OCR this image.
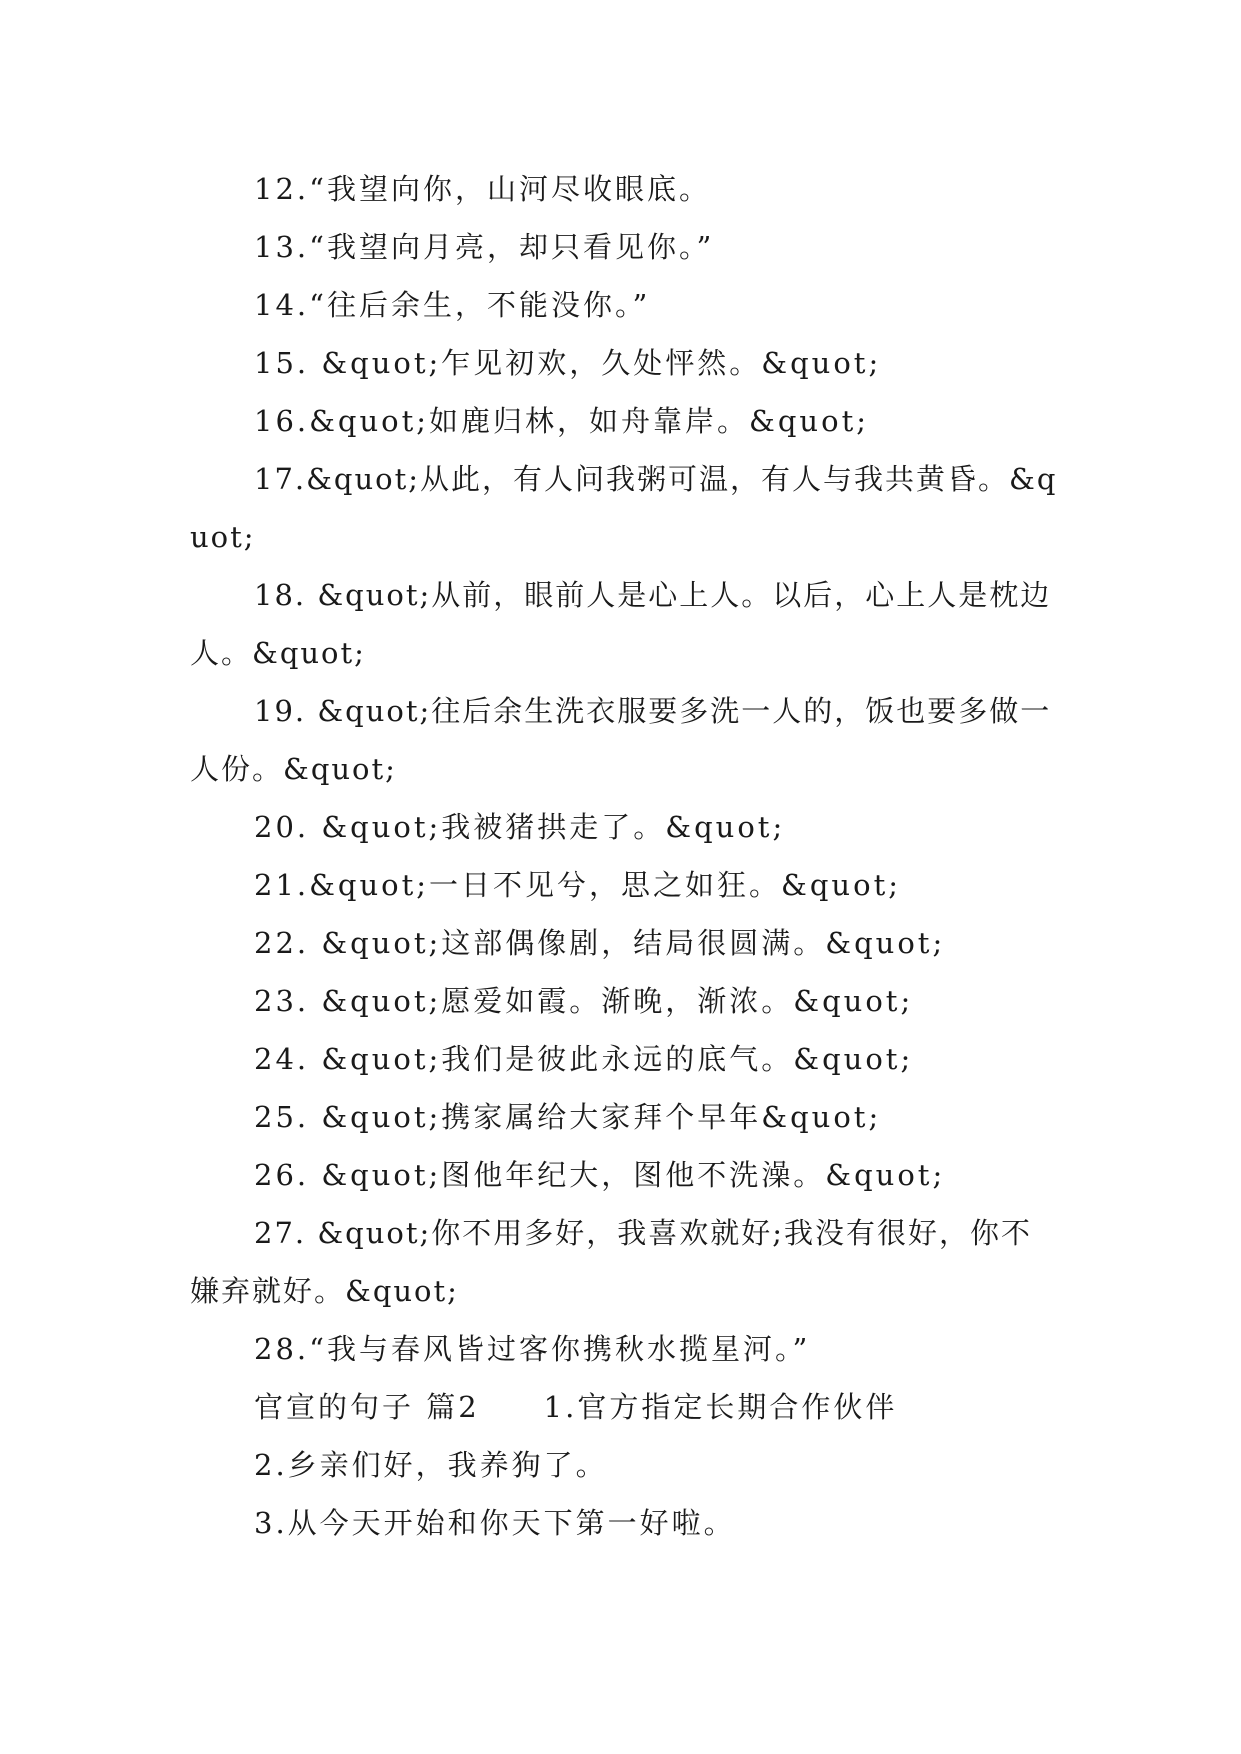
12.“我望向你，山河尽收眼底。

13.“我望向月亮，却只看见你。”

14.“往后余生，不能没你。”

15. &quot;乍见初欢，久处怦然。&quot;

16.&quot;如鹿归林，如舟靠岸。&quot;

17.&quot;从此，有人问我粥可温，有人与我共黄昏。&quot;

18. &quot;从前，眼前人是心上人。以后，心上人是枕边人。&quot;

19. &quot;往后余生洗衣服要多洗一人的，饭也要多做一人份。&quot;

20. &quot;我被猪拱走了。&quot;

21.&quot;一日不见兮，思之如狂。&quot;

22. &quot;这部偶像剧，结局很圆满。&quot;

23. &quot;愿爱如霞。渐晚，渐浓。&quot;

24. &quot;我们是彼此永远的底气。&quot;

25. &quot;携家属给大家拜个早年&quot;

26. &quot;图他年纪大，图他不洗澡。&quot;

27. &quot;你不用多好，我喜欢就好;我没有很好，你不嫌弃就好。&quot;

28.“我与春风皆过客你携秋水揽星河。”

官宣的句子 篇2　　1.官方指定长期合作伙伴

2.乡亲们好，我养狗了。

3.从今天开始和你天下第一好啦。
